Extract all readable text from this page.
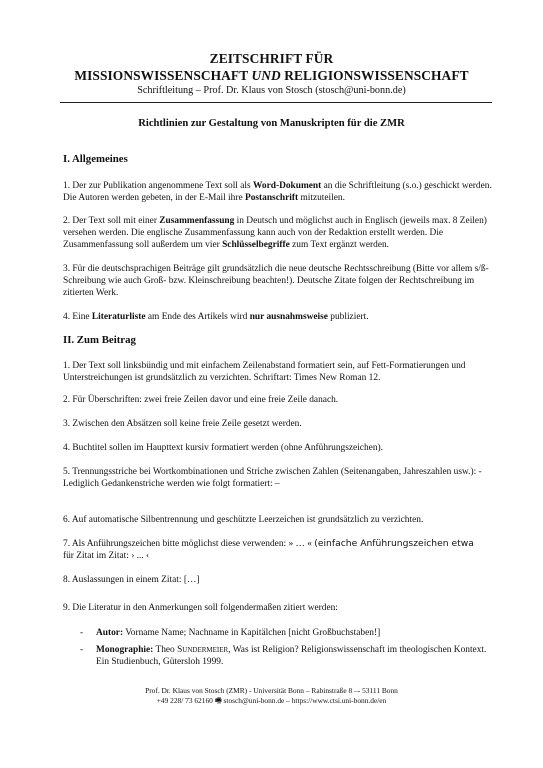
ZEITSCHRIFT FÜR
MISSIONSWISSENSCHAFT UND RELIGIONSWISSENSCHAFT
Schriftleitung – Prof. Dr. Klaus von Stosch (stosch@uni-bonn.de)
Richtlinien zur Gestaltung von Manuskripten für die ZMR
I. Allgemeines
1. Der zur Publikation angenommene Text soll als Word-Dokument an die Schriftleitung (s.o.) geschickt werden. Die Autoren werden gebeten, in der E-Mail ihre Postanschrift mitzuteilen.
2. Der Text soll mit einer Zusammenfassung in Deutsch und möglichst auch in Englisch (jeweils max. 8 Zeilen) versehen werden. Die englische Zusammenfassung kann auch von der Redaktion erstellt werden. Die Zusammenfassung soll außerdem um vier Schlüsselbegriffe zum Text ergänzt werden.
3. Für die deutschsprachigen Beiträge gilt grundsätzlich die neue deutsche Rechtsschreibung (Bitte vor allem s/ß-Schreibung wie auch Groß- bzw. Kleinschreibung beachten!). Deutsche Zitate folgen der Rechtschreibung im zitierten Werk.
4. Eine Literaturliste am Ende des Artikels wird nur ausnahmsweise publiziert.
II. Zum Beitrag
1. Der Text soll linksbündig und mit einfachem Zeilenabstand formatiert sein, auf Fett-Formatierungen und Unterstreichungen ist grundsätzlich zu verzichten. Schriftart: Times New Roman 12.
2. Für Überschriften: zwei freie Zeilen davor und eine freie Zeile danach.
3. Zwischen den Absätzen soll keine freie Zeile gesetzt werden.
4. Buchtitel sollen im Haupttext kursiv formatiert werden (ohne Anführungszeichen).
5. Trennungsstriche bei Wortkombinationen und Striche zwischen Zahlen (Seitenangaben, Jahreszahlen usw.): -
Lediglich Gedankenstriche werden wie folgt formatiert: –
6. Auf automatische Silbentrennung und geschützte Leerzeichen ist grundsätzlich zu verzichten.
7. Als Anführungszeichen bitte möglichst diese verwenden: » … « (einfache Anführungszeichen etwa
für Zitat im Zitat: › ... ‹
8. Auslassungen in einem Zitat: […]
9. Die Literatur in den Anmerkungen soll folgendermaßen zitiert werden:
- Autor: Vorname Name; Nachname in Kapitälchen [nicht Großbuchstaben!]
- Monographie: Theo Sundermeier, Was ist Religion? Religionswissenschaft im theologischen Kontext. Ein Studienbuch, Gütersloh 1999.
Prof. Dr. Klaus von Stosch (ZMR) - Universität Bonn – Rabinstraße 8 –- 53111 Bonn
+49 228/ 73 62160 🖷 stosch@uni-bonn.de – https://www.ctsi.uni-bonn.de/en
